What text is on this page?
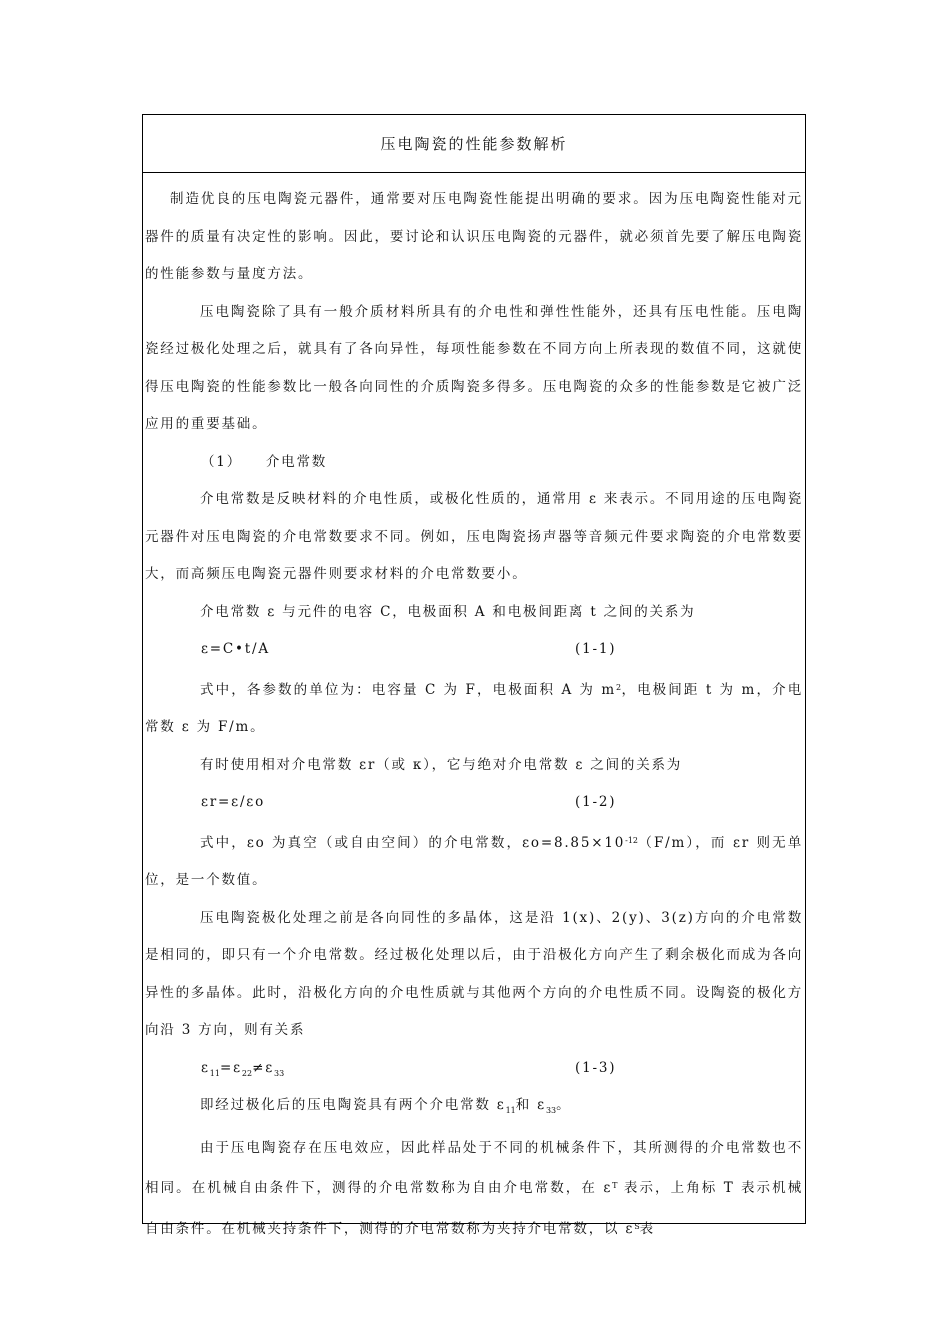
压电陶瓷的性能参数解析

制造优良的压电陶瓷元器件，通常要对压电陶瓷性能提出明确的要求。因为压电陶瓷性能对元器件的质量有决定性的影响。因此，要讨论和认识压电陶瓷的元器件，就必须首先要了解压电陶瓷的性能参数与量度方法。

压电陶瓷除了具有一般介质材料所具有的介电性和弹性性能外，还具有压电性能。压电陶瓷经过极化处理之后，就具有了各向异性，每项性能参数在不同方向上所表现的数值不同，这就使得压电陶瓷的性能参数比一般各向同性的介质陶瓷多得多。压电陶瓷的众多的性能参数是它被广泛应用的重要基础。

（1）　　介电常数

介电常数是反映材料的介电性质，或极化性质的，通常用 ε 来表示。不同用途的压电陶瓷元器件对压电陶瓷的介电常数要求不同。例如，压电陶瓷扬声器等音频元件要求陶瓷的介电常数要大，而高频压电陶瓷元器件则要求材料的介电常数要小。

介电常数 ε 与元件的电容 C，电极面积 A 和电极间距离 t 之间的关系为

ε=C•t/A	(1-1)

式中，各参数的单位为：电容量 C 为 F，电极面积 A 为 $m^2$，电极间距 t 为 m，介电常数 ε 为 F/m。

有时使用相对介电常数 εr（或 κ），它与绝对介电常数 ε 之间的关系为

εr=ε/εo	(1-2)

式中，εo 为真空（或自由空间）的介电常数，$\varepsilon o=8.85\times 10^{-12}(F/m)$，而 εr 则无单位，是一个数值。

压电陶瓷极化处理之前是各向同性的多晶体，这是沿 1(x)、2(y)、3(z)方向的介电常数是相同的，即只有一个介电常数。经过极化处理以后，由于沿极化方向产生了剩余极化而成为各向异性的多晶体。此时，沿极化方向的介电性质就与其他两个方向的介电性质不同。设陶瓷的极化方向沿 3 方向，则有关系

$\varepsilon_{11}=\varepsilon_{22}\ne\varepsilon_{33}$	(1-3)

即经过极化后的压电陶瓷具有两个介电常数 $\varepsilon_{11}$和 $\varepsilon_{33}$。

由于压电陶瓷存在压电效应，因此样品处于不同的机械条件下，其所测得的介电常数也不相同。在机械自由条件下，测得的介电常数称为自由介电常数，在 $\varepsilon^T$ 表示，上角标 T 表示机械自由条件。在机械夹持条件下，测得的介电常数称为夹持介电常数，以 $\varepsilon^S$表
